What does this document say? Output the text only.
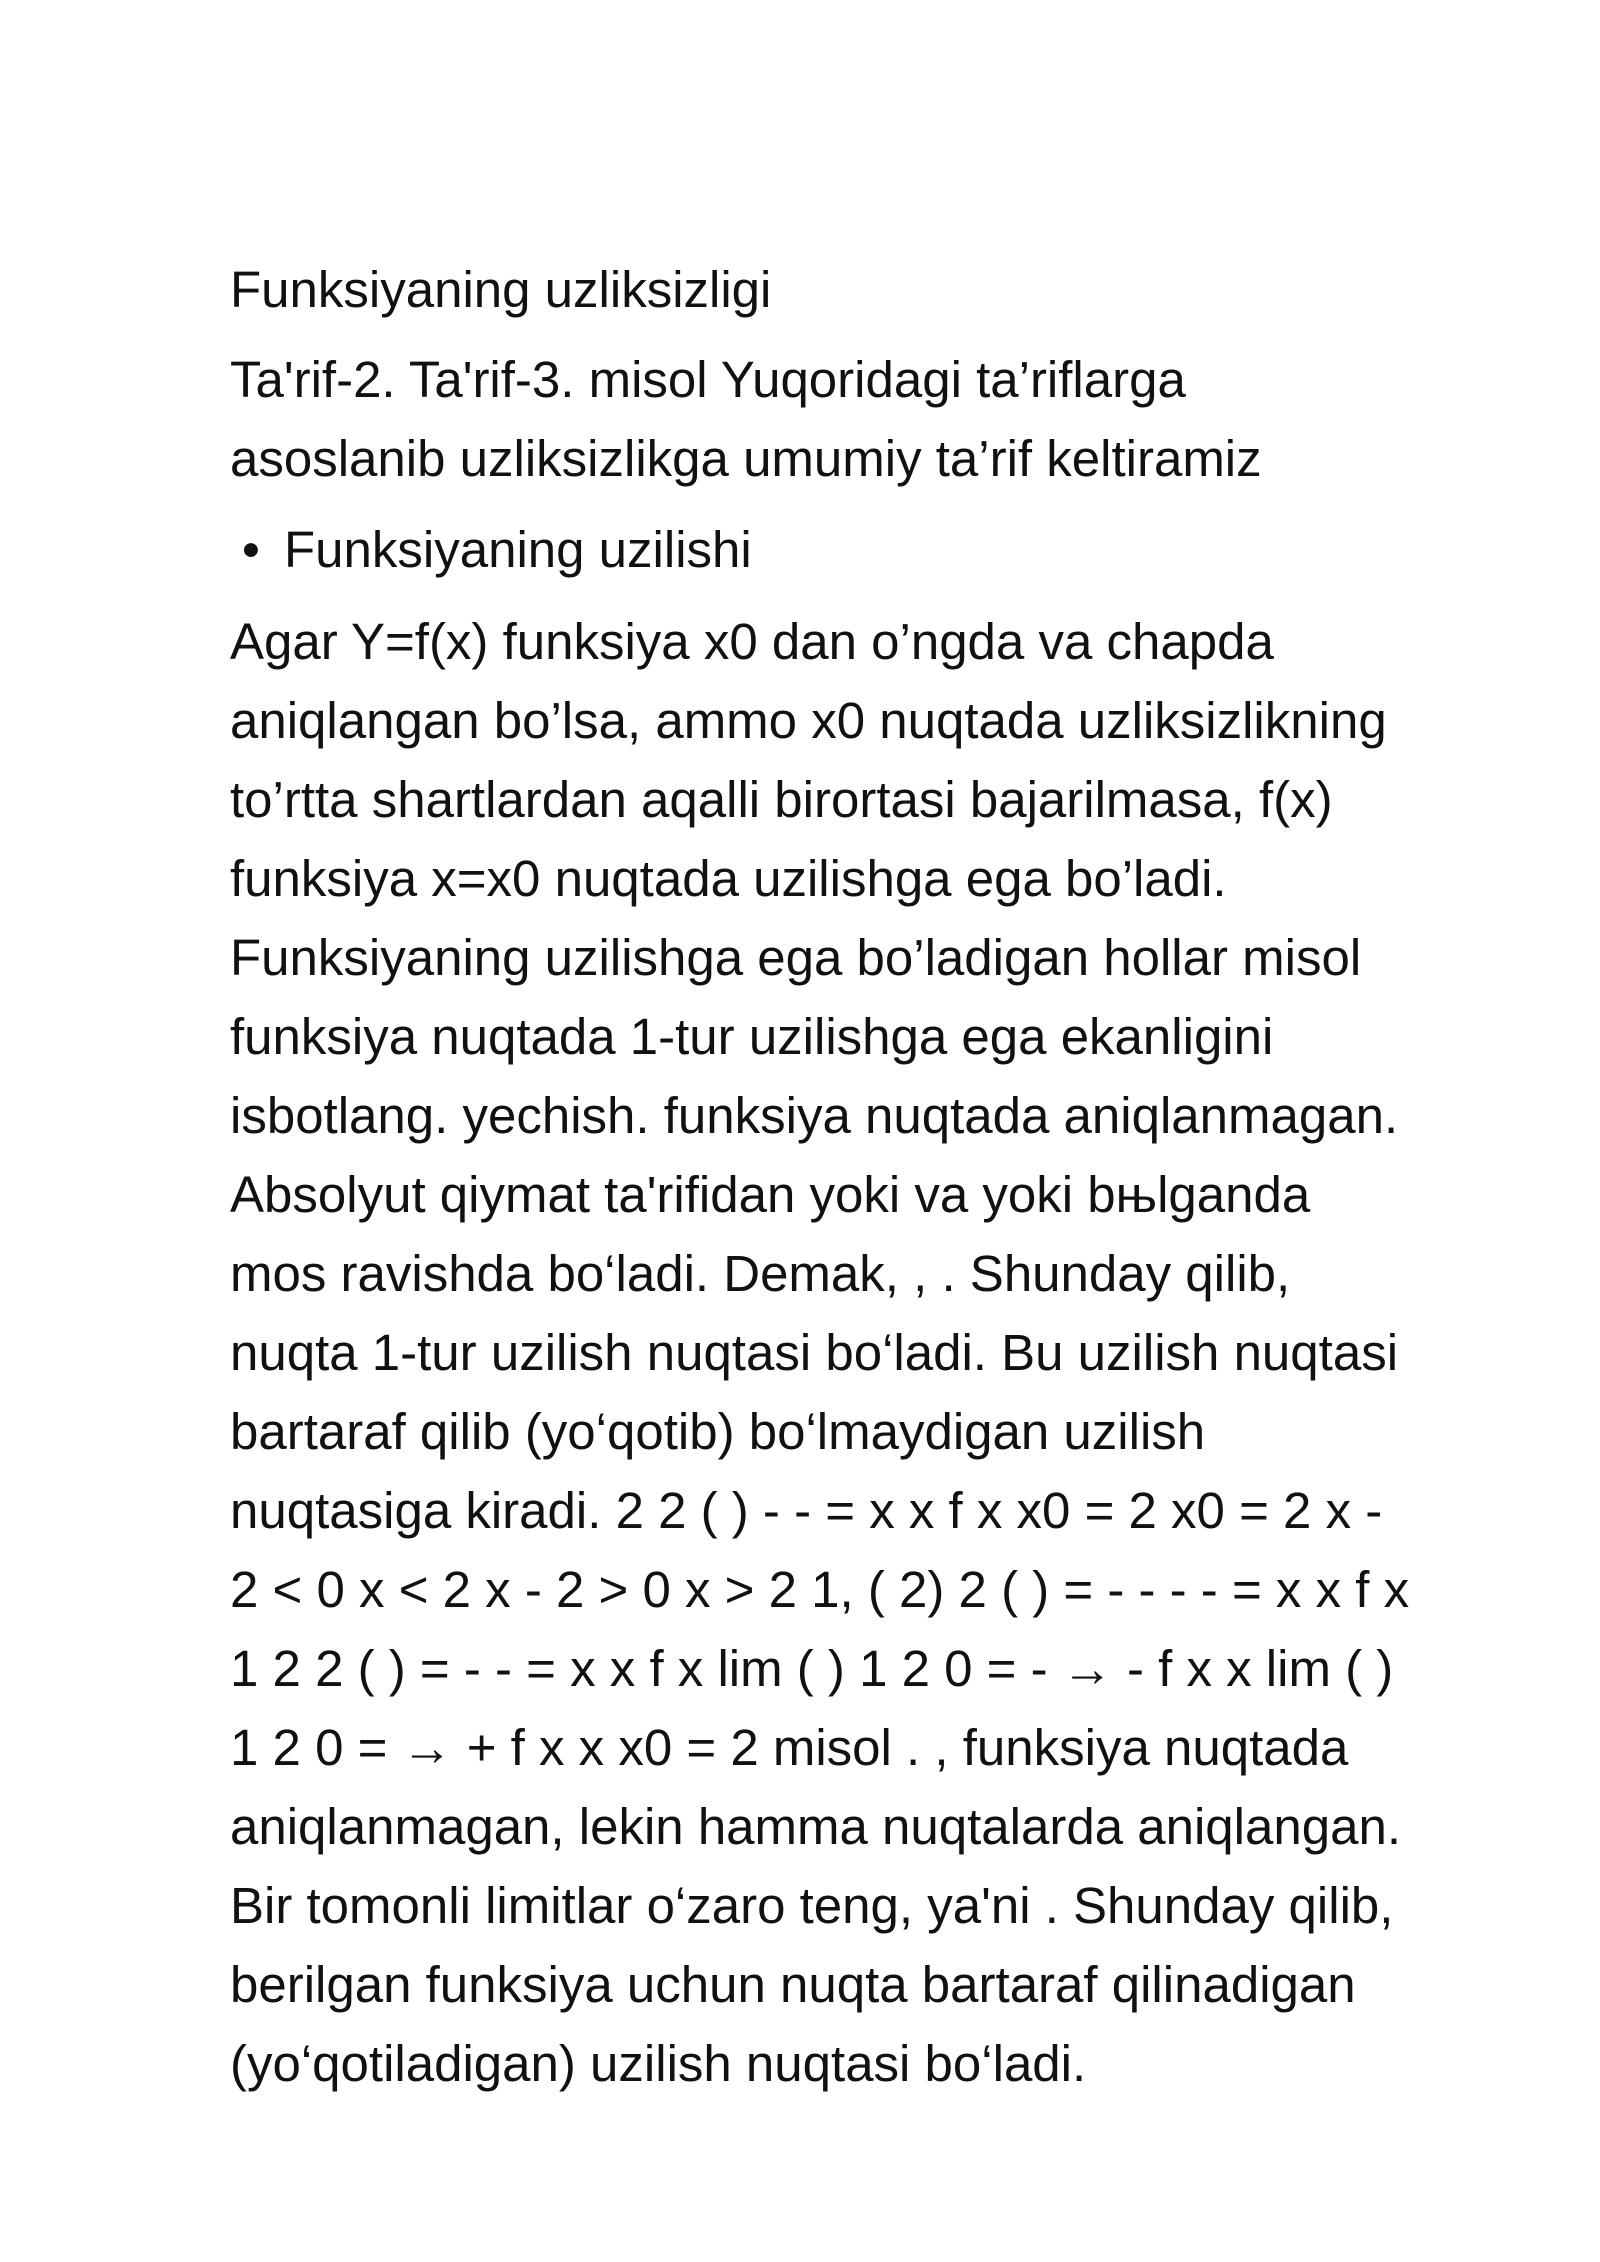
Funksiyaning uzliksizligi
Ta'rif-2. Ta'rif-3. misol Yuqoridagi ta’riflarga
asoslanib uzliksizlikga umumiy ta’rif keltiramiz
• Funksiyaning uzilishi
Agar Y=f(x) funksiya x0 dan o’ngda va chapda
aniqlangan bo’lsa, ammo x0 nuqtada uzliksizlikning
to’rtta shartlardan aqalli birortasi bajarilmasa, f(x)
funksiya x=x0 nuqtada uzilishga ega bo’ladi.
Funksiyaning uzilishga ega bo’ladigan hollar misol
funksiya nuqtada 1-tur uzilishga ega ekanligini
isbotlang. yechish. funksiya nuqtada aniqlanmagan.
Absolyut qiymat ta'rifidan yoki va yoki bњlganda
mos ravishda bo‘ladi. Demak, , . Shunday qilib,
nuqta 1-tur uzilish nuqtasi bo‘ladi. Bu uzilish nuqtasi
bartaraf qilib (yo‘qotib) bo‘lmaydigan uzilish
nuqtasiga kiradi. 2 2 ( ) - - = x x f x x0 = 2 x0 = 2 x -
2 < 0 x < 2 x - 2 > 0 x > 2 1, ( 2) 2 ( ) = - - - - = x x f x
1 2 2 ( ) = - - = x x f x lim ( ) 1 2 0 = - → - f x x lim ( )
1 2 0 = → + f x x x0 = 2 misol . , funksiya nuqtada
aniqlanmagan, lekin hamma nuqtalarda aniqlangan.
Bir tomonli limitlar o‘zaro teng, ya'ni . Shunday qilib,
berilgan funksiya uchun nuqta bartaraf qilinadigan
(yo‘qotiladigan) uzilish nuqtasi bo‘ladi.
